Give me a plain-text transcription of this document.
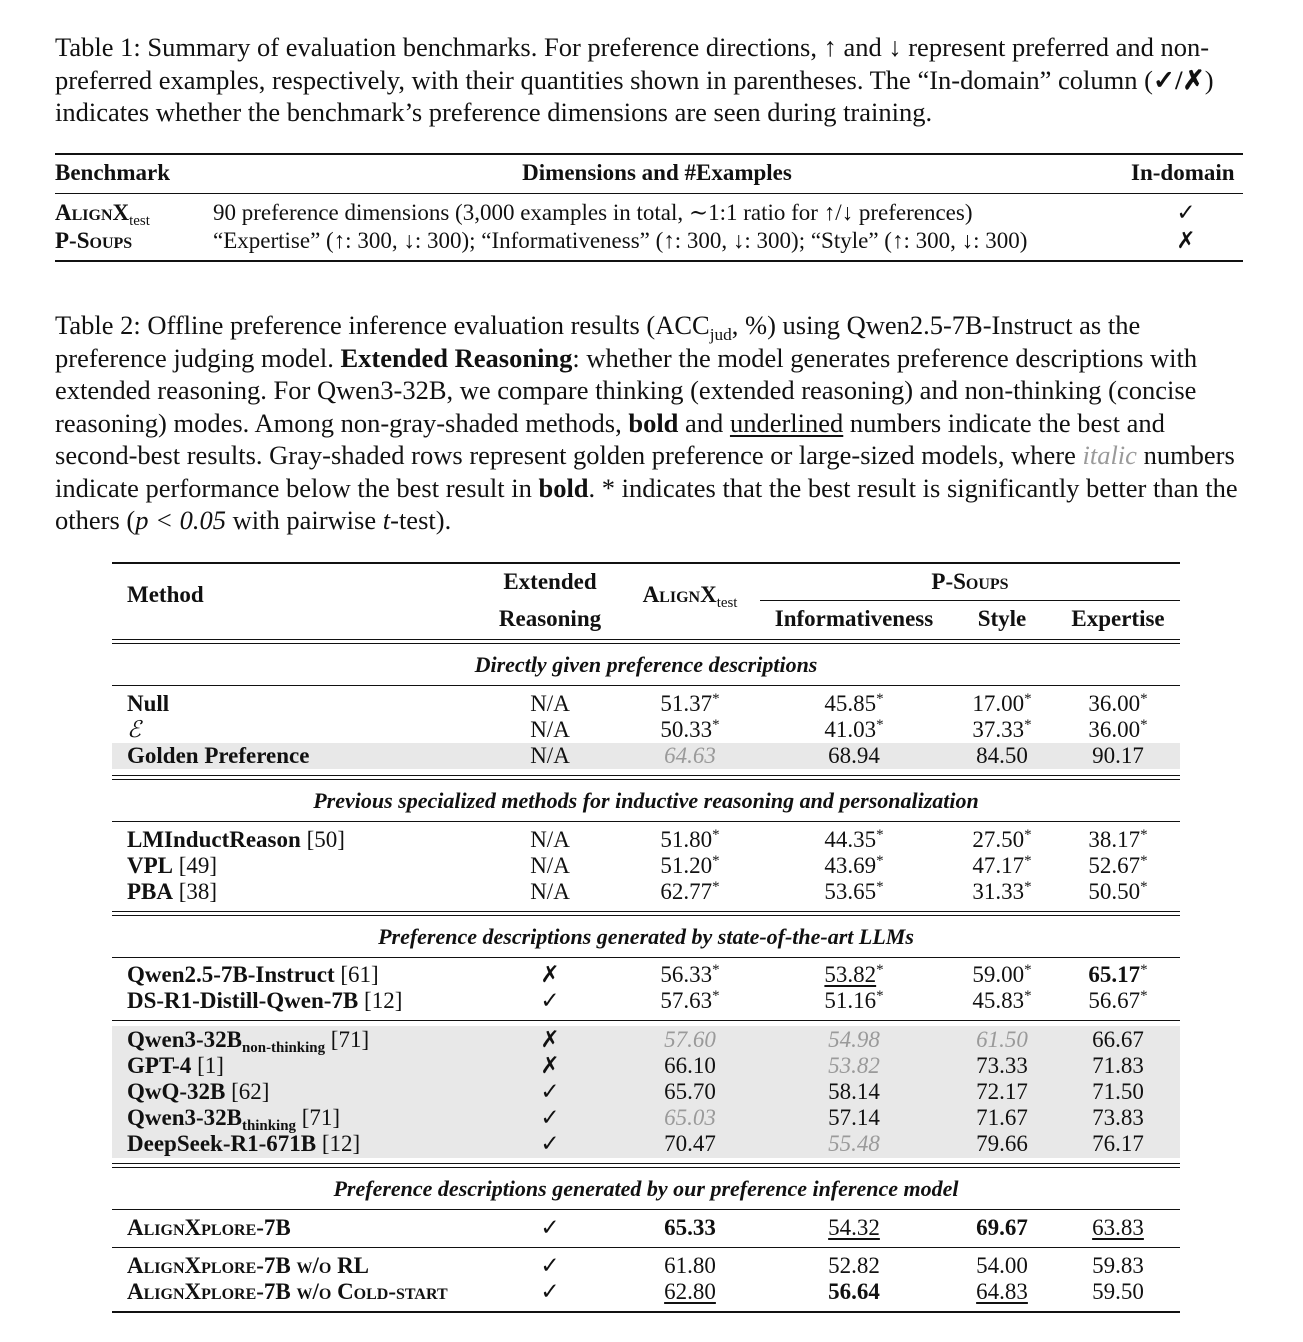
Table 1: Summary of evaluation benchmarks. For preference directions, ↑ and ↓ represent preferred and non-preferred examples, respectively, with their quantities shown in parentheses. The “In-domain” column (✓/✗) indicates whether the benchmark’s preference dimensions are seen during training.
Benchmark	Dimensions and #Examples	In-domain
AlignX$_{test}$	90 preference dimensions (3,000 examples in total, ∼1:1 ratio for ↑/↓ preferences)	✓
P-Soups	“Expertise” (↑: 300, ↓: 300); “Informativeness” (↑: 300, ↓: 300); “Style” (↑: 300, ↓: 300)	✗
Table 2: Offline preference inference evaluation results ($ACC_{jud}$, %) using Qwen2.5-7B-Instruct as the preference judging model. Extended Reasoning: whether the model generates preference descriptions with extended reasoning. For Qwen3-32B, we compare thinking (extended reasoning) and non-thinking (concise reasoning) modes. Among non-gray-shaded methods, bold and underlined numbers indicate the best and second-best results. Gray-shaded rows represent golden preference or large-sized models, where italic numbers indicate performance below the best result in bold. * indicates that the best result is significantly better than the others (p < 0.05 with pairwise t-test).
Method
Extended
Reasoning
AlignX$_{test}$
P-Soups
Informativeness	Style	Expertise
Directly given preference descriptions
Null	N/A	51.37*	45.85*	17.00*	36.00*
ℰ	N/A	50.33*	41.03*	37.33*	36.00*
Golden Preference	N/A	64.63	68.94	84.50	90.17
Previous specialized methods for inductive reasoning and personalization
LMInductReason [50]	N/A	51.80*	44.35*	27.50*	38.17*
VPL [49]	N/A	51.20*	43.69*	47.17*	52.67*
PBA [38]	N/A	62.77*	53.65*	31.33*	50.50*
Preference descriptions generated by state-of-the-art LLMs
Qwen2.5-7B-Instruct [61]	✗	56.33*	53.82*	59.00*	65.17*
DS-R1-Distill-Qwen-7B [12]	✓	57.63*	51.16*	45.83*	56.67*
$Qwen3-32B_{non-thinking}$ [71]	✗	57.60	54.98	61.50	66.67
GPT-4 [1]	✗	66.10	53.82	73.33	71.83
QwQ-32B [62]	✓	65.70	58.14	72.17	71.50
$Qwen3-32B_{thinking}$ [71]	✓	65.03	57.14	71.67	73.83
DeepSeek-R1-671B [12]	✓	70.47	55.48	79.66	76.17
Preference descriptions generated by our preference inference model
AlignXplore-7B	✓	65.33	54.32	69.67	63.83
AlignXplore-7B w/o RL	✓	61.80	52.82	54.00	59.83
AlignXplore-7B w/o Cold-start	✓	62.80	56.64	64.83	59.50
